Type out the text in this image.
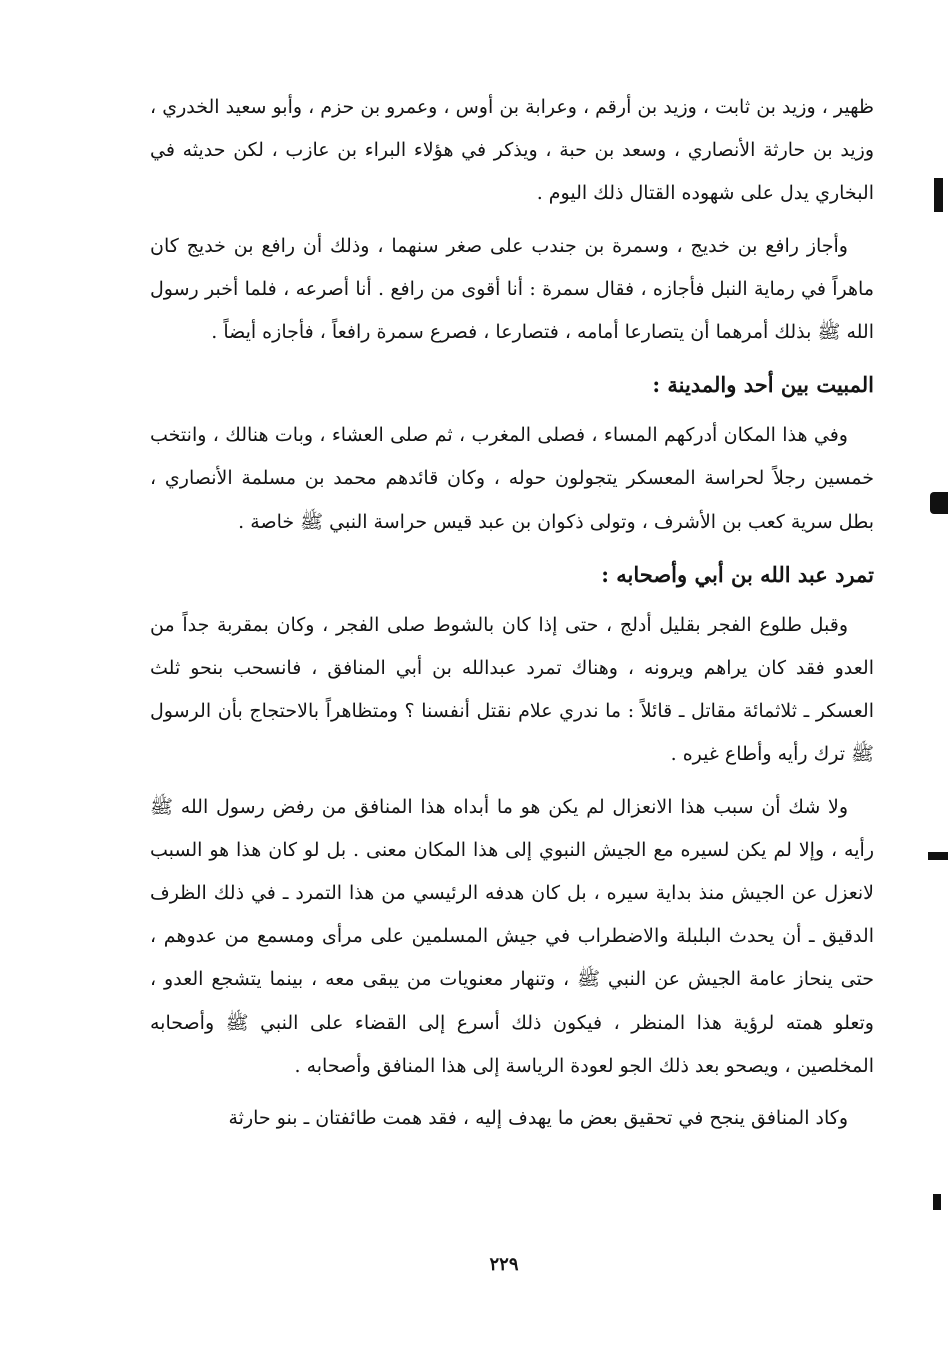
ظهير ، وزيد بن ثابت ، وزيد بن أرقم ، وعرابة بن أوس ، وعمرو بن حزم ، وأبو سعيد الخدري ، وزيد بن حارثة الأنصاري ، وسعد بن حبة ، ويذكر في هؤلاء البراء بن عازب ، لكن حديثه في البخاري يدل على شهوده القتال ذلك اليوم .

وأجاز رافع بن خديج ، وسمرة بن جندب على صغر سنهما ، وذلك أن رافع بن خديج كان ماهراً في رماية النبل فأجازه ، فقال سمرة : أنا أقوى من رافع . أنا أصرعه ، فلما أخبر رسول الله ﷺ بذلك أمرهما أن يتصارعا أمامه ، فتصارعا ، فصرع سمرة رافعاً ، فأجازه أيضاً .

المبيت بين أحد والمدينة :

وفي هذا المكان أدركهم المساء ، فصلى المغرب ، ثم صلى العشاء ، وبات هنالك ، وانتخب خمسين رجلاً لحراسة المعسكر يتجولون حوله ، وكان قائدهم محمد بن مسلمة الأنصاري ، بطل سرية كعب بن الأشرف ، وتولى ذكوان بن عبد قيس حراسة النبي ﷺ خاصة .

تمرد عبد الله بن أبي وأصحابه :

وقبل طلوع الفجر بقليل أدلج ، حتى إذا كان بالشوط صلى الفجر ، وكان بمقربة جداً من العدو فقد كان يراهم ويرونه ، وهناك تمرد عبدالله بن أبي المنافق ، فانسحب بنحو ثلث العسكر ـ ثلاثمائة مقاتل ـ قائلاً : ما ندري علام نقتل أنفسنا ؟ ومتظاهراً بالاحتجاج بأن الرسول ﷺ ترك رأيه وأطاع غيره .

ولا شك أن سبب هذا الانعزال لم يكن هو ما أبداه هذا المنافق من رفض رسول الله ﷺ رأيه ، وإلا لم يكن لسيره مع الجيش النبوي إلى هذا المكان معنى . بل لو كان هذا هو السبب لانعزل عن الجيش منذ بداية سيره ، بل كان هدفه الرئيسي من هذا التمرد ـ في ذلك الظرف الدقيق ـ أن يحدث البلبلة والاضطراب في جيش المسلمين على مرأى ومسمع من عدوهم ، حتى ينحاز عامة الجيش عن النبي ﷺ ، وتنهار معنويات من يبقى معه ، بينما يتشجع العدو ، وتعلو همته لرؤية هذا المنظر ، فيكون ذلك أسرع إلى القضاء على النبي ﷺ وأصحابه المخلصين ، ويصحو بعد ذلك الجو لعودة الرياسة إلى هذا المنافق وأصحابه .

وكاد المنافق ينجح في تحقيق بعض ما يهدف إليه ، فقد همت طائفتان ـ بنو حارثة

٢٢٩
